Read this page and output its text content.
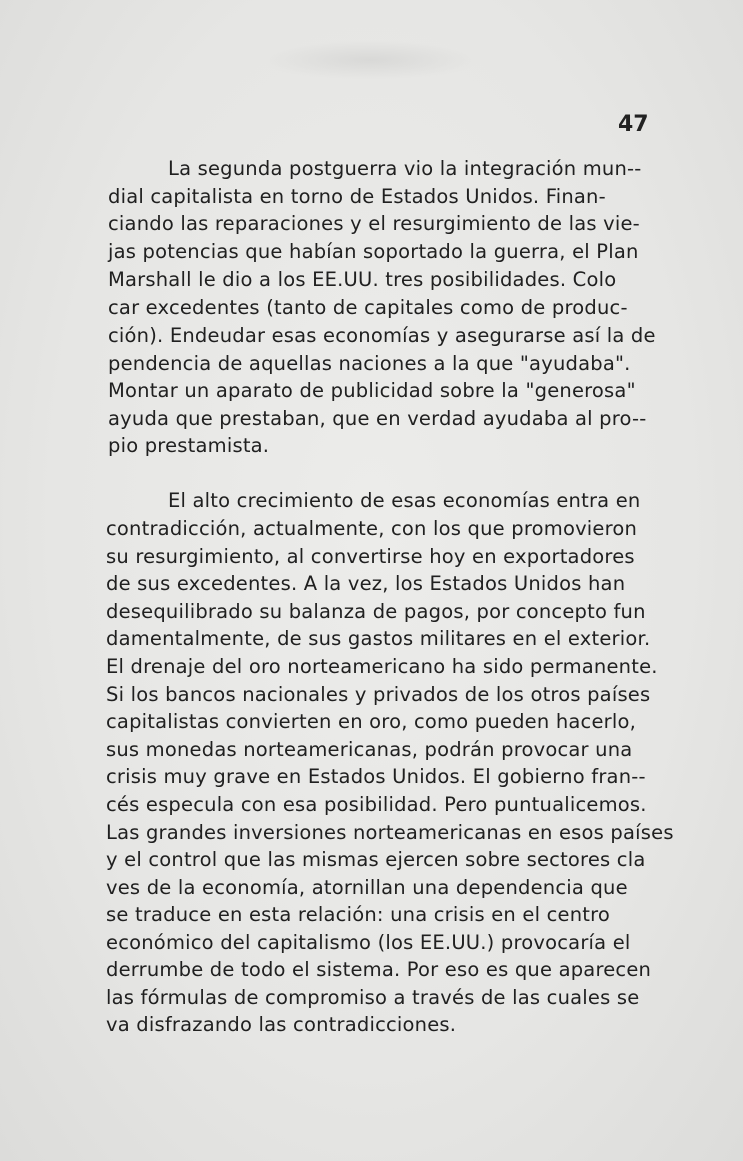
47
La segunda postguerra vio la integración mun--
dial capitalista en torno de Estados Unidos. Finan-
ciando las reparaciones y el resurgimiento de las vie-
jas potencias que habían soportado la guerra, el Plan
Marshall le dio a los EE.UU. tres posibilidades. Colo
car excedentes (tanto de capitales como de produc-
ción). Endeudar esas economías y asegurarse así la de
pendencia de aquellas naciones a la que "ayudaba".
Montar un aparato de publicidad sobre la "generosa"
ayuda que prestaban, que en verdad ayudaba al pro--
pio prestamista.
El alto crecimiento de esas economías entra en
contradicción, actualmente, con los que promovieron
su resurgimiento, al convertirse hoy en exportadores
de sus excedentes. A la vez, los Estados Unidos han
desequilibrado su balanza de pagos, por concepto fun
damentalmente, de sus gastos militares en el exterior.
El drenaje del oro norteamericano ha sido permanente.
Si los bancos nacionales y privados de los otros países
capitalistas convierten en oro, como pueden hacerlo,
sus monedas norteamericanas, podrán provocar una
crisis muy grave en Estados Unidos. El gobierno fran--
cés especula con esa posibilidad. Pero puntualicemos.
Las grandes inversiones norteamericanas en esos países
y el control que las mismas ejercen sobre sectores cla
ves de la economía, atornillan una dependencia que
se traduce en esta relación: una crisis en el centro
económico del capitalismo (los EE.UU.) provocaría el
derrumbe de todo el sistema. Por eso es que aparecen
las fórmulas de compromiso a través de las cuales se
va disfrazando las contradicciones.
